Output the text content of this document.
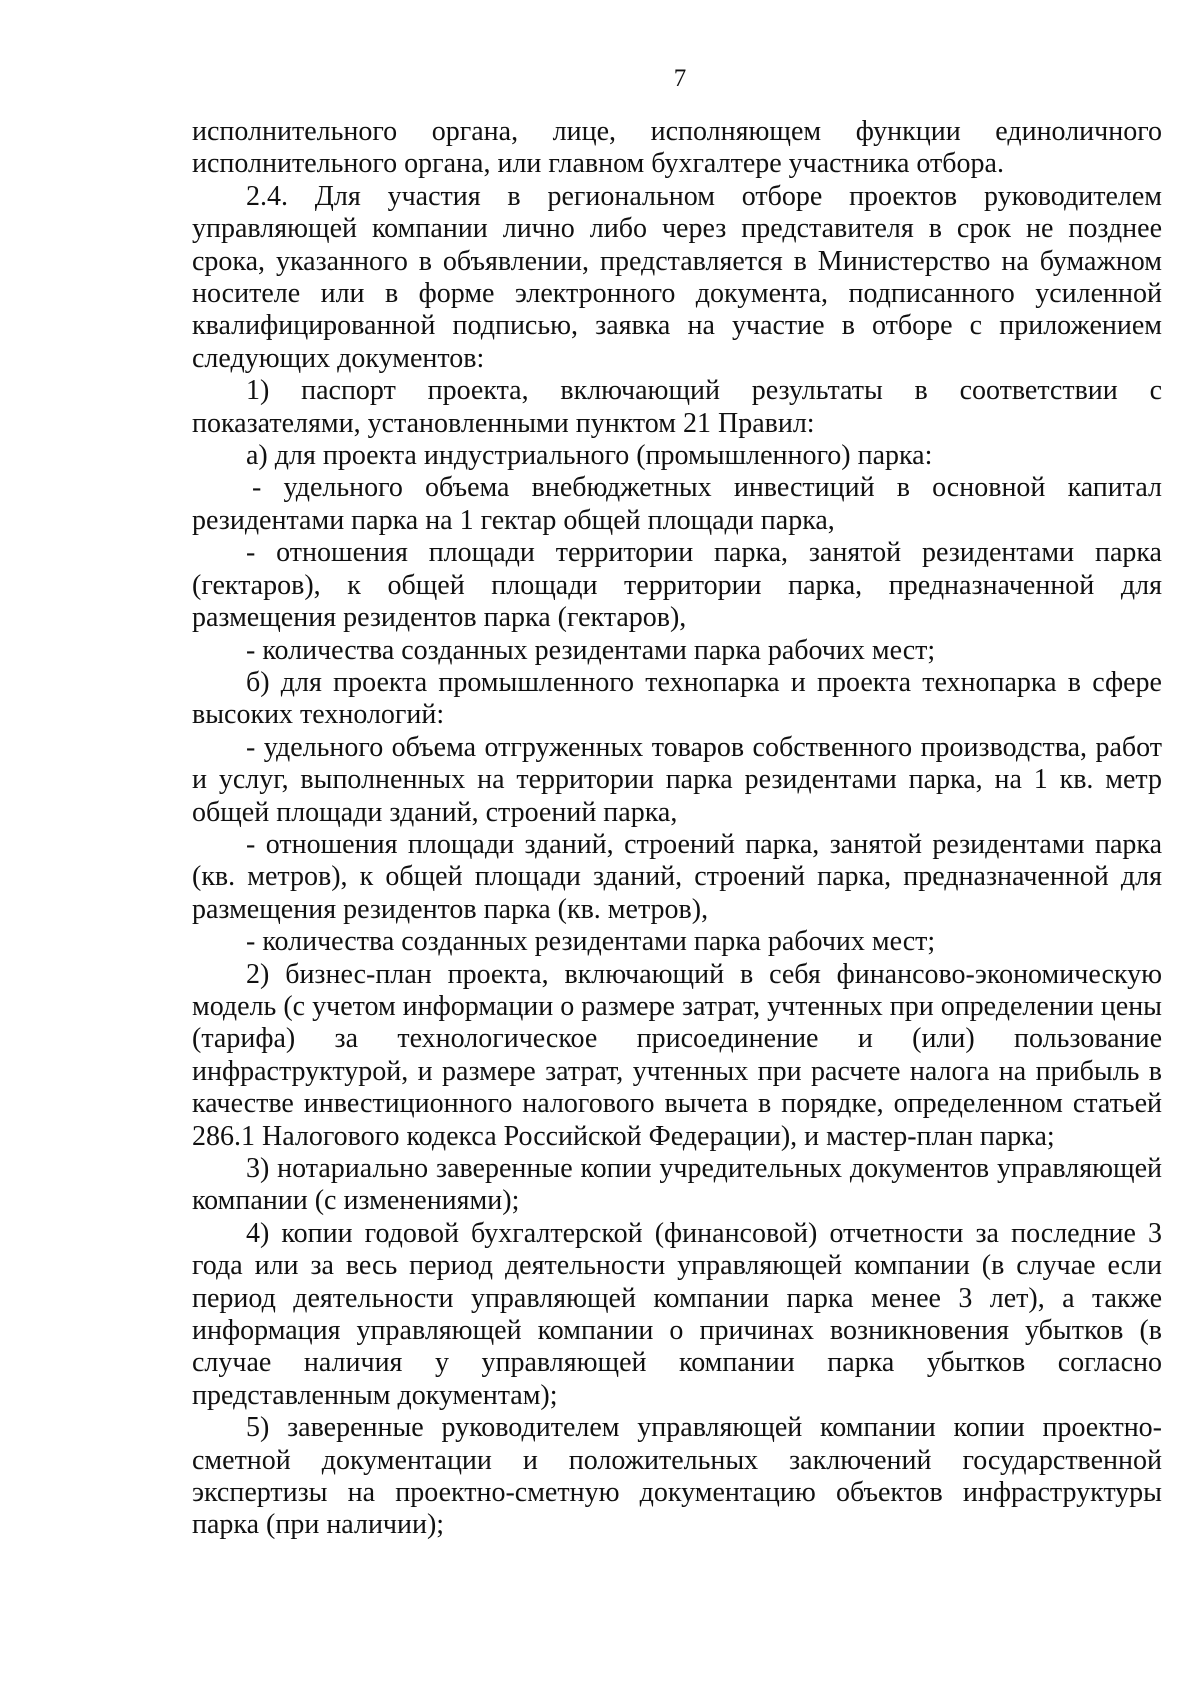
7

исполнительного органа, лице, исполняющем функции единоличного исполнительного органа, или главном бухгалтере участника отбора.

2.4. Для участия в региональном отборе проектов руководителем управляющей компании лично либо через представителя в срок не позднее срока, указанного в объявлении, представляется в Министерство на бумажном носителе или в форме электронного документа, подписанного усиленной квалифицированной подписью, заявка на участие в отборе с приложением следующих документов:

1) паспорт проекта, включающий результаты в соответствии с показателями, установленными пунктом 21 Правил:

а) для проекта индустриального (промышленного) парка:

- удельного объема внебюджетных инвестиций в основной капитал резидентами парка на 1 гектар общей площади парка,

- отношения площади территории парка, занятой резидентами парка (гектаров), к общей площади территории парка, предназначенной для размещения резидентов парка (гектаров),

- количества созданных резидентами парка рабочих мест;

б) для проекта промышленного технопарка и проекта технопарка в сфере высоких технологий:

- удельного объема отгруженных товаров собственного производства, работ и услуг, выполненных на территории парка резидентами парка, на 1 кв. метр общей площади зданий, строений парка,

- отношения площади зданий, строений парка, занятой резидентами парка (кв. метров), к общей площади зданий, строений парка, предназначенной для размещения резидентов парка (кв. метров),

- количества созданных резидентами парка рабочих мест;

2) бизнес-план проекта, включающий в себя финансово-экономическую модель (с учетом информации о размере затрат, учтенных при определении цены (тарифа) за технологическое присоединение и (или) пользование инфраструктурой, и размере затрат, учтенных при расчете налога на прибыль в качестве инвестиционного налогового вычета в порядке, определенном статьей 286.1 Налогового кодекса Российской Федерации), и мастер-план парка;

3) нотариально заверенные копии учредительных документов управляющей компании (с изменениями);

4) копии годовой бухгалтерской (финансовой) отчетности за последние 3 года или за весь период деятельности управляющей компании (в случае если период деятельности управляющей компании парка менее 3 лет), а также информация управляющей компании о причинах возникновения убытков (в случае наличия у управляющей компании парка убытков согласно представленным документам);

5) заверенные руководителем управляющей компании копии проектно-сметной документации и положительных заключений государственной экспертизы на проектно-сметную документацию объектов инфраструктуры парка (при наличии);
